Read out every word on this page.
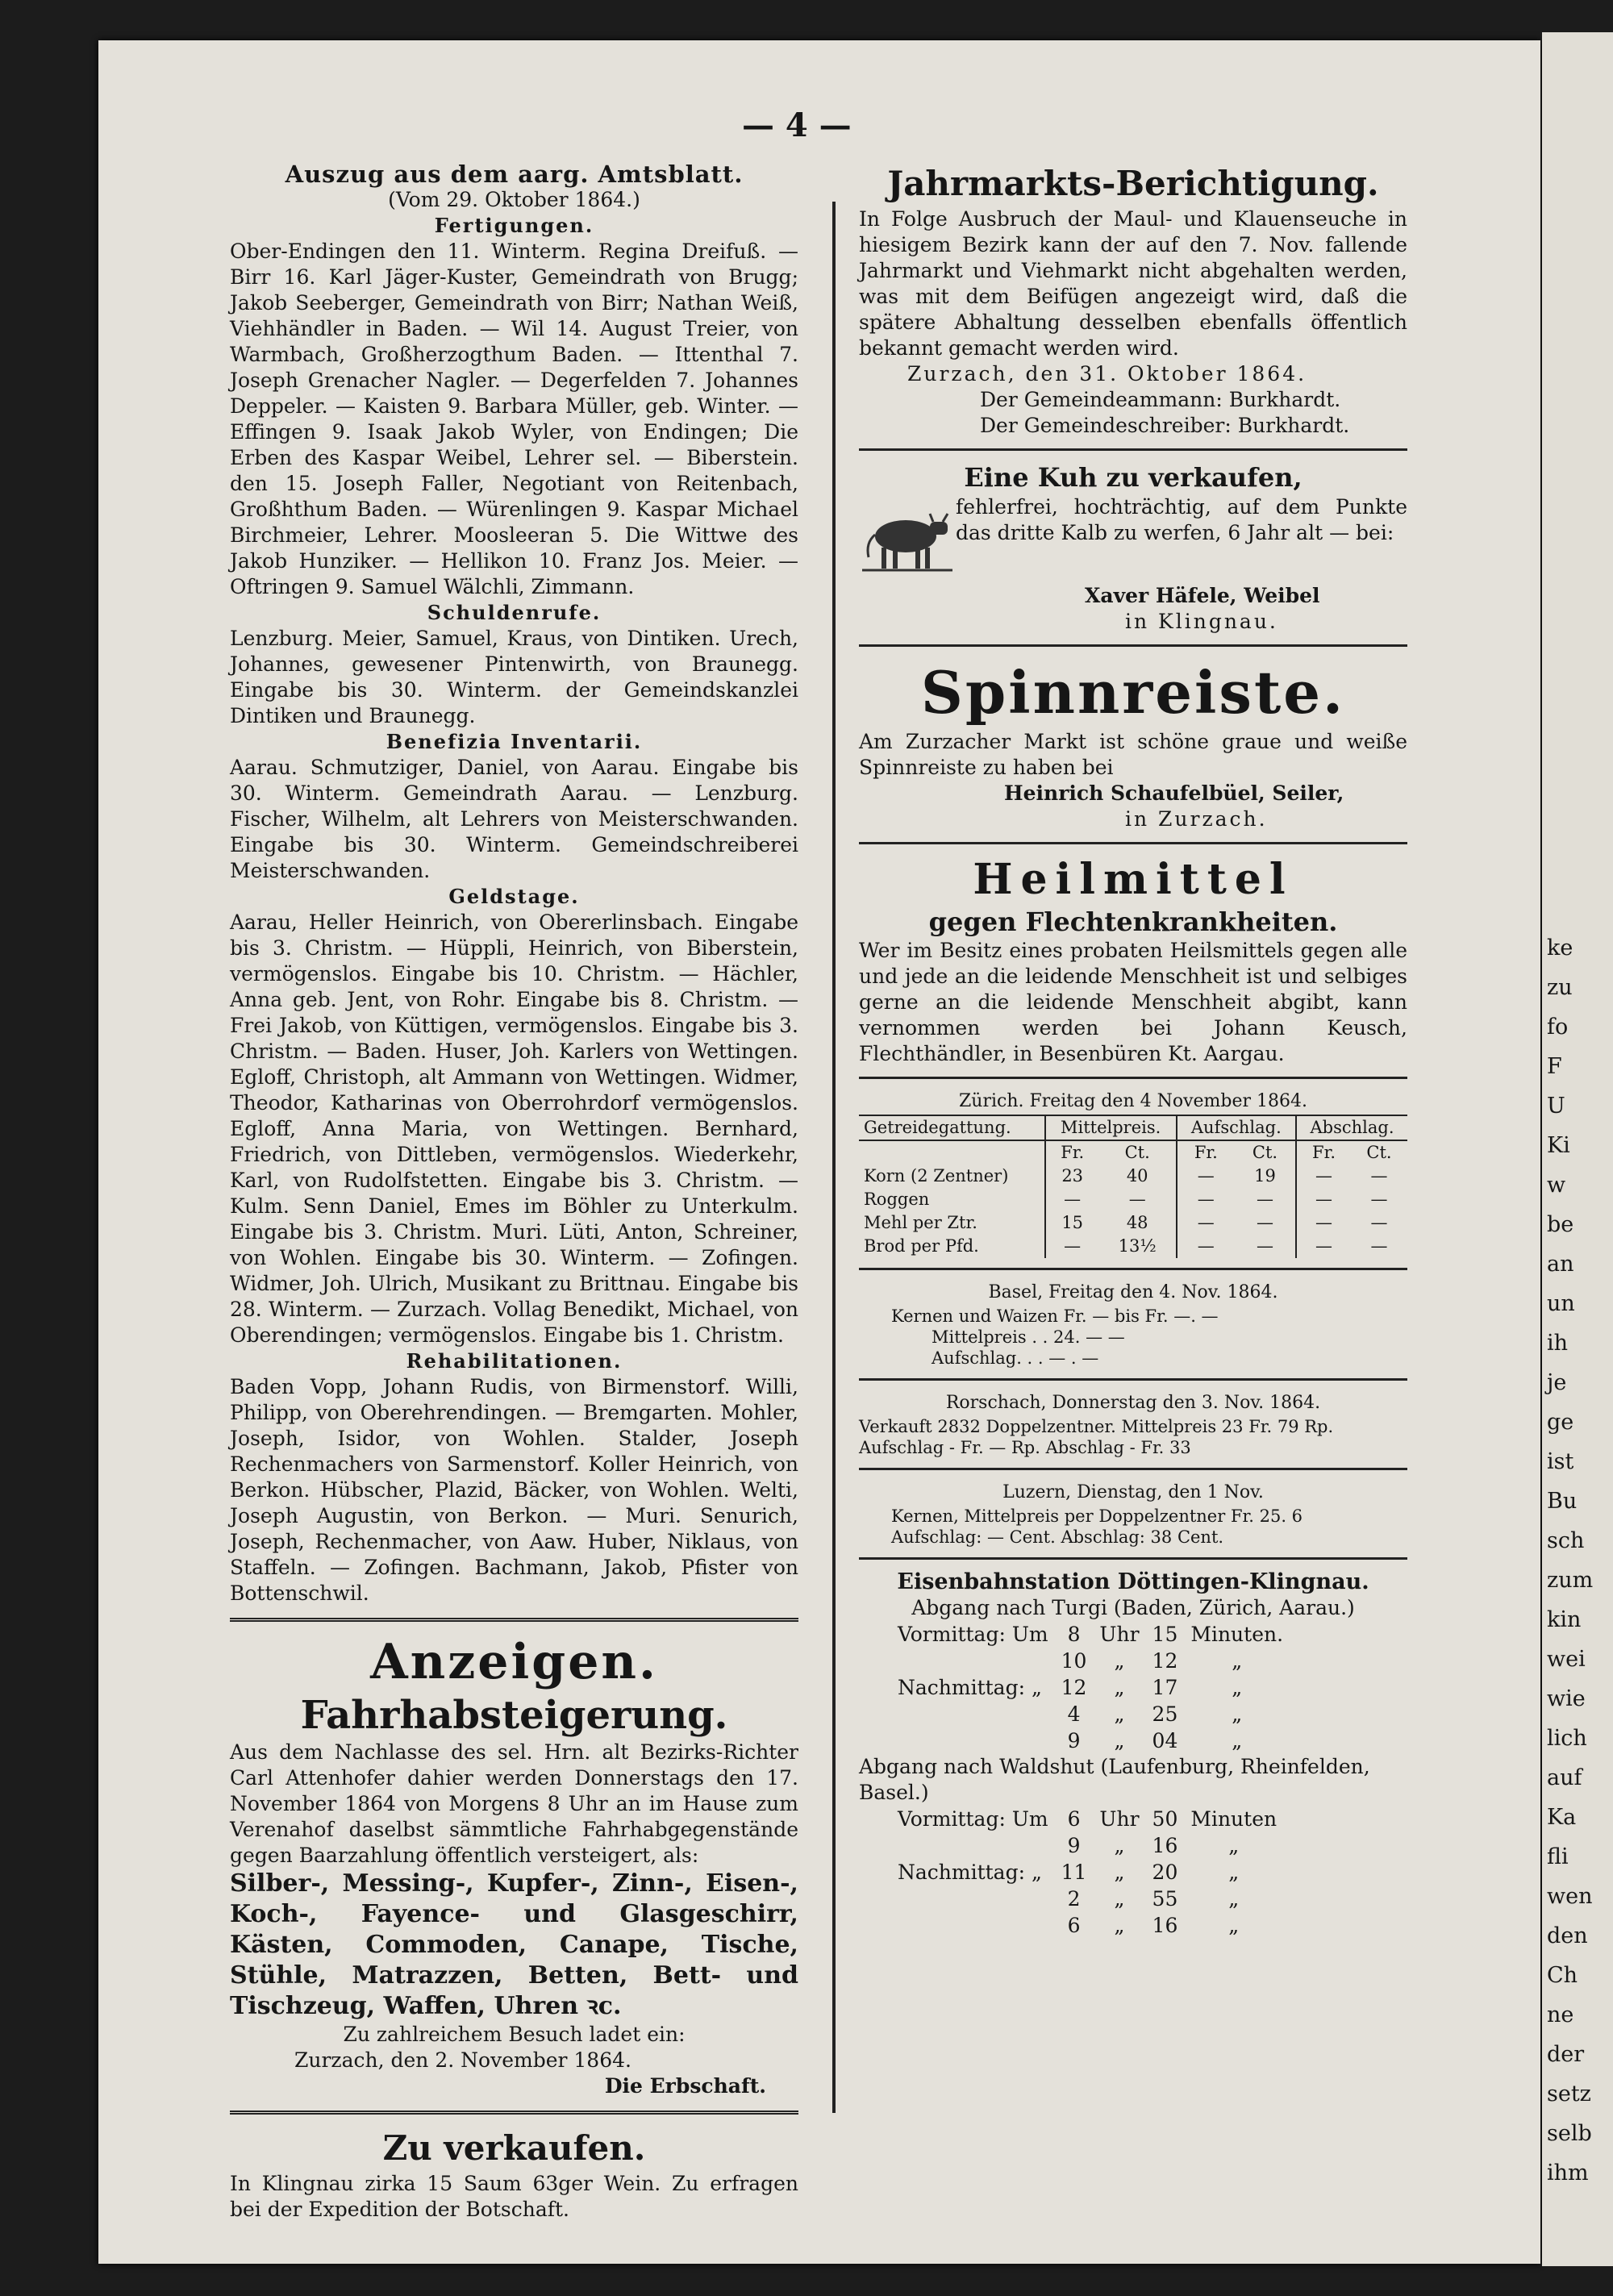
ke
zu
fo
F
U
Ki
w
be
an
un
ih
je
ge
ist
Bu
sch
zum
kin
wei
wie
lich
auf
Ka
fli
wen
den
Ch
ne
der
setz
selb
ihm
— 4 —
Auszug aus dem aarg. Amtsblatt.
(Vom 29. Oktober 1864.)
Fertigungen.

Ober-Endingen den 11. Winterm. Regina Dreifuß. — Birr 16. Karl Jäger-Kuster, Gemeindrath von Brugg; Jakob Seeberger, Gemeindrath von Birr; Nathan Weiß, Viehhändler in Baden. — Wil 14. August Treier, von Warmbach, Großherzogthum Baden. — Ittenthal 7. Joseph Grenacher Nagler. — Degerfelden 7. Johannes Deppeler. — Kaisten 9. Barbara Müller, geb. Winter. — Effingen 9. Isaak Jakob Wyler, von Endingen; Die Erben des Kaspar Weibel, Lehrer sel. — Biberstein. den 15. Joseph Faller, Negotiant von Reitenbach, Großhthum Baden. — Würenlingen 9. Kaspar Michael Birchmeier, Lehrer. Moosleeran 5. Die Wittwe des Jakob Hunziker. — Hellikon 10. Franz Jos. Meier. — Oftringen 9. Samuel Wälchli, Zimmann.

Schuldenrufe.

Lenzburg. Meier, Samuel, Kraus, von Dintiken. Urech, Johannes, gewesener Pintenwirth, von Braunegg. Eingabe bis 30. Winterm. der Gemeindskanzlei Dintiken und Braunegg.

Benefizia Inventarii.

Aarau. Schmutziger, Daniel, von Aarau. Eingabe bis 30. Winterm. Gemeindrath Aarau. — Lenzburg. Fischer, Wilhelm, alt Lehrers von Meisterschwanden. Eingabe bis 30. Winterm. Gemeindschreiberei Meisterschwanden.

Geldstage.

Aarau, Heller Heinrich, von Obererlinsbach. Eingabe bis 3. Christm. — Hüppli, Heinrich, von Biberstein, vermögenslos. Eingabe bis 10. Christm. — Hächler, Anna geb. Jent, von Rohr. Eingabe bis 8. Christm. — Frei Jakob, von Küttigen, vermögenslos. Eingabe bis 3. Christm. — Baden. Huser, Joh. Karlers von Wettingen. Egloff, Christoph, alt Ammann von Wettingen. Widmer, Theodor, Katharinas von Oberrohrdorf vermögenslos. Egloff, Anna Maria, von Wettingen. Bernhard, Friedrich, von Dittleben, vermögenslos. Wiederkehr, Karl, von Rudolfstetten. Eingabe bis 3. Christm. — Kulm. Senn Daniel, Emes im Böhler zu Unterkulm. Eingabe bis 3. Christm. Muri. Lüti, Anton, Schreiner, von Wohlen. Eingabe bis 30. Winterm. — Zofingen. Widmer, Joh. Ulrich, Musikant zu Brittnau. Eingabe bis 28. Winterm. — Zurzach. Vollag Benedikt, Michael, von Oberendingen; vermögenslos. Eingabe bis 1. Christm.

Rehabilitationen.

Baden Vopp, Johann Rudis, von Birmenstorf. Willi, Philipp, von Oberehrendingen. — Bremgarten. Mohler, Joseph, Isidor, von Wohlen. Stalder, Joseph Rechenmachers von Sarmenstorf. Koller Heinrich, von Berkon. Hübscher, Plazid, Bäcker, von Wohlen. Welti, Joseph Augustin, von Berkon. — Muri. Senurich, Joseph, Rechenmacher, von Aaw. Huber, Niklaus, von Staffeln. — Zofingen. Bachmann, Jakob, Pfister von Bottenschwil.

Anzeigen.
Fahrhabsteigerung.

Aus dem Nachlasse des sel. Hrn. alt Bezirks-Richter Carl Attenhofer dahier werden Donnerstags den 17. November 1864 von Morgens 8 Uhr an im Hause zum Verenahof daselbst sämmtliche Fahrhabgegenstände gegen Baarzahlung öffentlich versteigert, als:

Silber-, Messing-, Kupfer-, Zinn-, Eisen-, Koch-, Fayence- und Glasgeschirr, Kästen, Commoden, Canape, Tische, Stühle, Matrazzen, Betten, Bett- und Tischzeug, Waffen, Uhren ꝛc.

Zu zahlreichem Besuch ladet ein:
Zurzach, den 2. November 1864.
Die Erbschaft.
Zu verkaufen.

In Klingnau zirka 15 Saum 63ger Wein. Zu erfragen bei der Expedition der Botschaft.

Jahrmarkts-Berichtigung.

In Folge Ausbruch der Maul- und Klauenseuche in hiesigem Bezirk kann der auf den 7. Nov. fallende Jahrmarkt und Viehmarkt nicht abgehalten werden, was mit dem Beifügen angezeigt wird, daß die spätere Abhaltung desselben ebenfalls öffentlich bekannt gemacht werden wird.

Zurzach, den 31. Oktober 1864.
Der Gemeindeammann: Burkhardt.
Der Gemeindeschreiber: Burkhardt.
Eine Kuh zu verkaufen,

fehlerfrei, hochträchtig, auf dem Punkte das dritte Kalb zu werfen, 6 Jahr alt — bei:

Xaver Häfele, Weibel
in Klingnau.
Spinnreiste.

Am Zurzacher Markt ist schöne graue und weiße Spinnreiste zu haben bei

Heinrich Schaufelbüel, Seiler,
in Zurzach.
Heilmittel
gegen Flechtenkrankheiten.

Wer im Besitz eines probaten Heilsmittels gegen alle und jede an die leidende Menschheit ist und selbiges gerne an die leidende Menschheit abgibt, kann vernommen werden bei Johann Keusch, Flechthändler, in Besenbüren Kt. Aargau.

Zürich. Freitag den 4 November 1864.
Getreidegattung.	Mittelpreis.		Aufschlag.		Abschlag.	
	Fr.	Ct.	Fr.	Ct.	Fr.	Ct.
Korn (2 Zentner)	23	40	—	19	—	—
Roggen	—	—	—	—	—	—
Mehl per Ztr.	15	48	—	—	—	—
Brod per Pfd.	—	13½	—	—	—	—
Basel, Freitag den 4. Nov. 1864.
Kernen und Waizen Fr. — bis Fr. —. —
Mittelpreis . . 24. — —
Aufschlag. . . — . —
Rorschach, Donnerstag den 3. Nov. 1864.
Verkauft 2832 Doppelzentner. Mittelpreis 23 Fr. 79 Rp.
Aufschlag - Fr. — Rp. Abschlag - Fr. 33
Luzern, Dienstag, den 1 Nov.
Kernen, Mittelpreis per Doppelzentner Fr. 25. 6
Aufschlag: — Cent. Abschlag: 38 Cent.
Eisenbahnstation Döttingen-Klingnau.
Abgang nach Turgi (Baden, Zürich, Aarau.)
Vormittag: Um	8	Uhr	15	Minuten.
	10	„	12	„
Nachmittag: „	12	„	17	„
	4	„	25	„
	9	„	04	„
Abgang nach Waldshut (Laufenburg, Rheinfelden, Basel.)
Vormittag: Um	6	Uhr	50	Minuten
	9	„	16	„
Nachmittag: „	11	„	20	„
	2	„	55	„
	6	„	16	„
